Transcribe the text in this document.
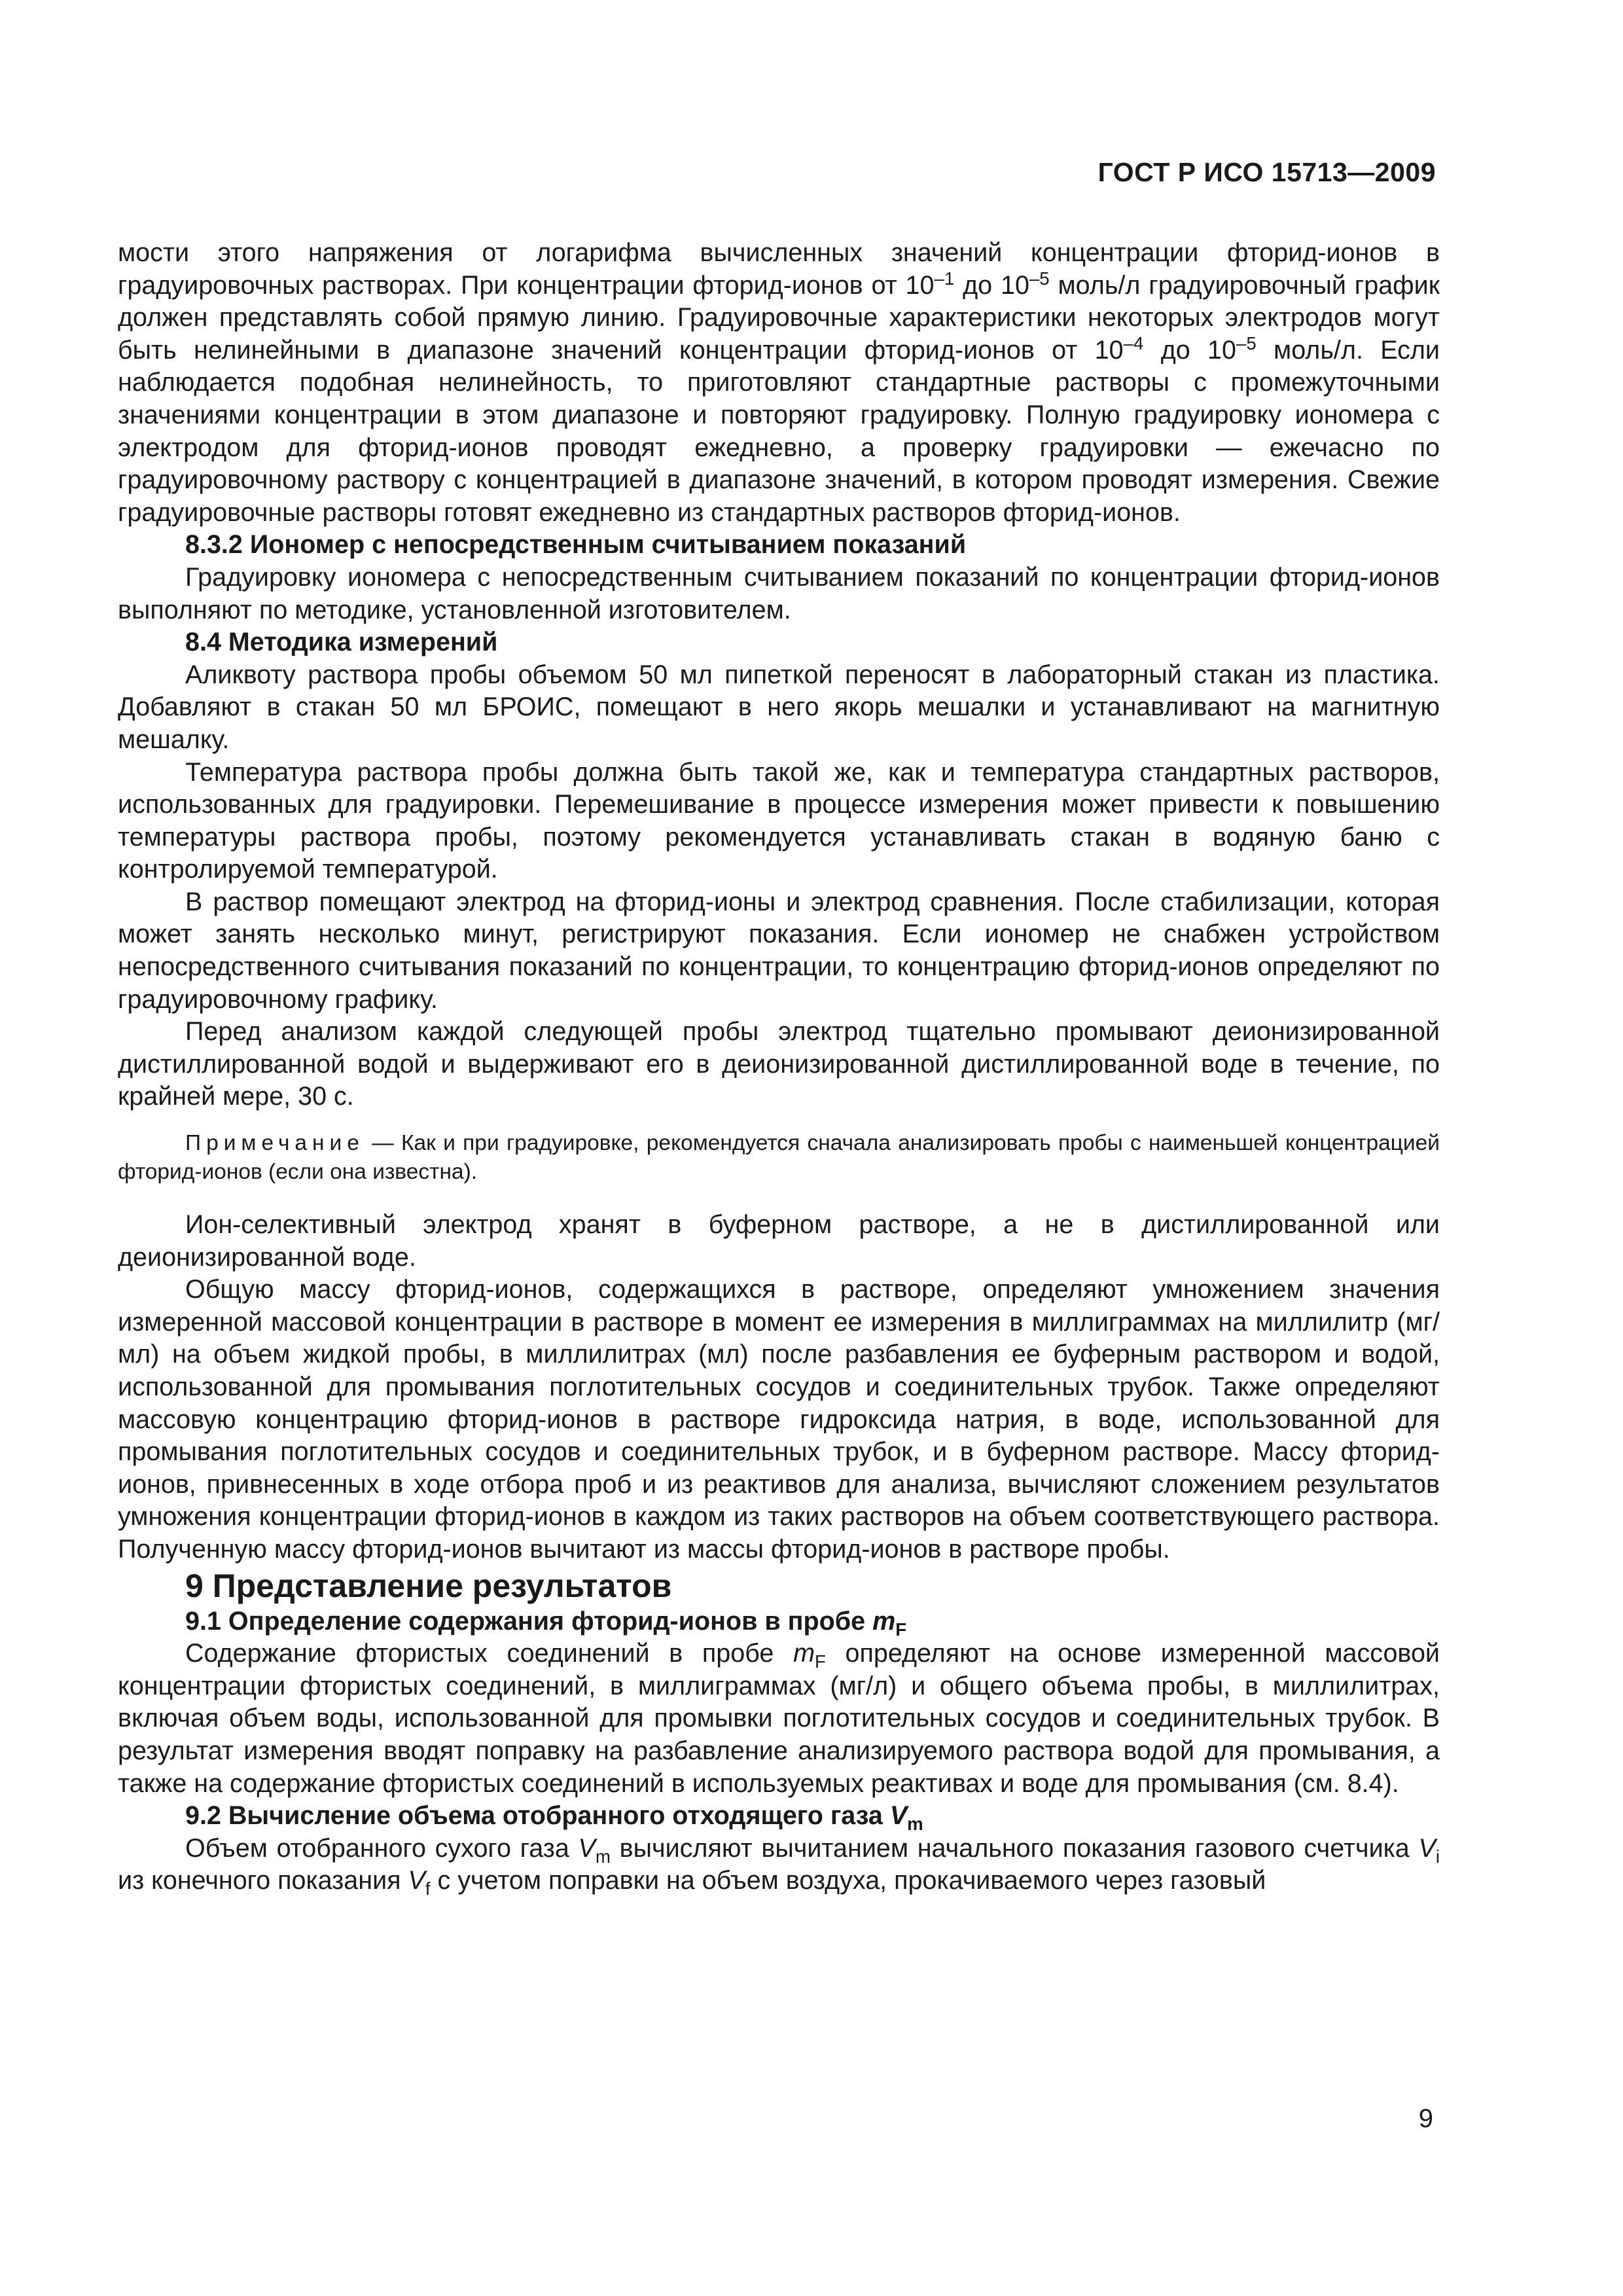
ГОСТ Р ИСО 15713—2009

мости этого напряжения от логарифма вычисленных значений концентрации фторид-ионов в градуировочных растворах. При концентрации фторид-ионов от $10^{-1}$ до $10^{-5}$ моль/л градуировочный график должен представлять собой прямую линию. Градуировочные характеристики некоторых электродов могут быть нелинейными в диапазоне значений концентрации фторид-ионов от $10^{-4}$ до $10^{-5}$ моль/л. Если наблюдается подобная нелинейность, то приготовляют стандартные растворы с промежуточными значениями концентрации в этом диапазоне и повторяют градуировку. Полную градуировку иономера с электродом для фторид-ионов проводят ежедневно, а проверку градуировки — ежечасно по градуировочному раствору с концентрацией в диапазоне значений, в котором проводят измерения. Свежие градуировочные растворы готовят ежедневно из стандартных растворов фторид-ионов.

8.3.2 Иономер с непосредственным считыванием показаний

Градуировку иономера с непосредственным считыванием показаний по концентрации фторид-ионов выполняют по методике, установленной изготовителем.

8.4 Методика измерений

Аликвоту раствора пробы объемом 50 мл пипеткой переносят в лабораторный стакан из пластика. Добавляют в стакан 50 мл БРОИС, помещают в него якорь мешалки и устанавливают на магнитную мешалку.

Температура раствора пробы должна быть такой же, как и температура стандартных растворов, использованных для градуировки. Перемешивание в процессе измерения может привести к повышению температуры раствора пробы, поэтому рекомендуется устанавливать стакан в водяную баню с контролируемой температурой.

В раствор помещают электрод на фторид-ионы и электрод сравнения. После стабилизации, которая может занять несколько минут, регистрируют показания. Если иономер не снабжен устройством непосредственного считывания показаний по концентрации, то концентрацию фторид-ионов определяют по градуировочному графику.

Перед анализом каждой следующей пробы электрод тщательно промывают деионизированной дистиллированной водой и выдерживают его в деионизированной дистиллированной воде в течение, по крайней мере, 30 с.

Примечание — Как и при градуировке, рекомендуется сначала анализировать пробы с наименьшей концентрацией фторид-ионов (если она известна).

Ион-селективный электрод хранят в буферном растворе, а не в дистиллированной или деионизированной воде.

Общую массу фторид-ионов, содержащихся в растворе, определяют умножением значения измеренной массовой концентрации в растворе в момент ее измерения в миллиграммах на миллилитр (мг/мл) на объем жидкой пробы, в миллилитрах (мл) после разбавления ее буферным раствором и водой, использованной для промывания поглотительных сосудов и соединительных трубок. Также определяют массовую концентрацию фторид-ионов в растворе гидроксида натрия, в воде, использованной для промывания поглотительных сосудов и соединительных трубок, и в буферном растворе. Массу фторид-ионов, привнесенных в ходе отбора проб и из реактивов для анализа, вычисляют сложением результатов умножения концентрации фторид-ионов в каждом из таких растворов на объем соответствующего раствора. Полученную массу фторид-ионов вычитают из массы фторид-ионов в растворе пробы.

9 Представление результатов

9.1 Определение содержания фторид-ионов в пробе $m_F$

Содержание фтористых соединений в пробе $m_F$ определяют на основе измеренной массовой концентрации фтористых соединений, в миллиграммах (мг/л) и общего объема пробы, в миллилитрах, включая объем воды, использованной для промывки поглотительных сосудов и соединительных трубок. В результат измерения вводят поправку на разбавление анализируемого раствора водой для промывания, а также на содержание фтористых соединений в используемых реактивах и воде для промывания (см. 8.4).

9.2 Вычисление объема отобранного отходящего газа $V_m$

Объем отобранного сухого газа $V_m$ вычисляют вычитанием начального показания газового счетчика $V_i$ из конечного показания $V_f$ с учетом поправки на объем воздуха, прокачиваемого через газовый

9
